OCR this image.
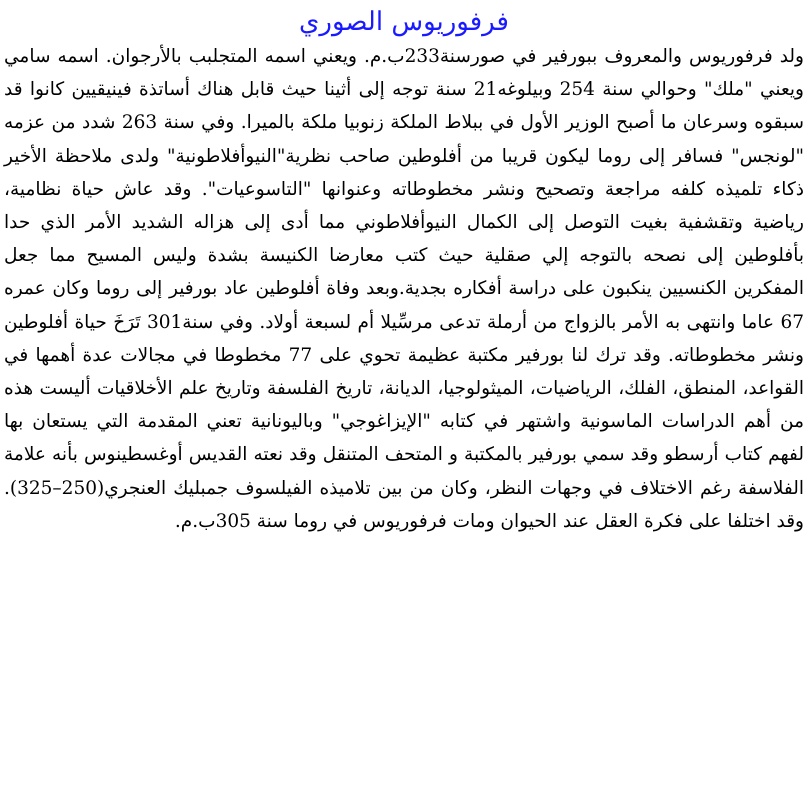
فرفوريوس الصوري

ولد فرفوريوس والمعروف ببورفير في صورسنة233ب.م. ويعني اسمه المتجلبب بالأرجوان. اسمه سامي ويعني "ملك" وحوالي سنة 254 وبيلوغه21 سنة توجه إلى أثينا حيث قابل هناك أساتذة فينيقيين كانوا قد سبقوه وسرعان ما أصبح الوزير الأول في ببلاط الملكة زنوبيا ملكة بالميرا. وفي سنة 263 شدد من عزمه "لونجس" فسافر إلى روما ليكون قريبا من أفلوطين صاحب نظرية"النيوأفلاطونية" ولدى ملاحظة الأخير ذكاء تلميذه كلفه مراجعة وتصحيح ونشر مخطوطاته وعنوانها "التاسوعيات". وقد عاش حياة نظامية، رياضية وتقشفية بغيت التوصل إلى الكمال النيوأفلاطوني مما أدى إلى هزاله الشديد الأمر الذي حدا بأفلوطين إلى نصحه بالتوجه إلي صقلية حيث كتب معارضا الكنيسة بشدة وليس المسيح مما جعل المفكرين الكنسيين ينكبون على دراسة أفكاره بجدية.وبعد وفاة أفلوطين عاد بورفير إلى روما وكان عمره 67 عاما وانتهى به الأمر بالزواج من أرملة تدعى مرسِّيلا أم لسبعة أولاد. وفي سنة301 تَرَخَ حياة أفلوطين ونشر مخطوطاته. وقد ترك لنا بورفير مكتبة عظيمة تحوي على 77 مخطوطا في مجالات عدة أهمها في القواعد، المنطق، الفلك، الرياضيات، الميثولوجيا، الديانة، تاريخ الفلسفة وتاريخ علم الأخلاقيات أليست هذه من أهم الدراسات الماسونية واشتهر في كتابه "الإيزاغوجي" وباليونانية تعني المقدمة التي يستعان بها لفهم كتاب أرسطو وقد سمي بورفير بالمكتبة و المتحف المتنقل وقد نعته القديس أوغسطينوس بأنه علامة الفلاسفة رغم الاختلاف في وجهات النظر، وكان من بين تلاميذه الفيلسوف جمبليك العنجري(250–325). وقد اختلفا على فكرة العقل عند الحيوان ومات فرفوريوس في روما سنة 305ب.م.
